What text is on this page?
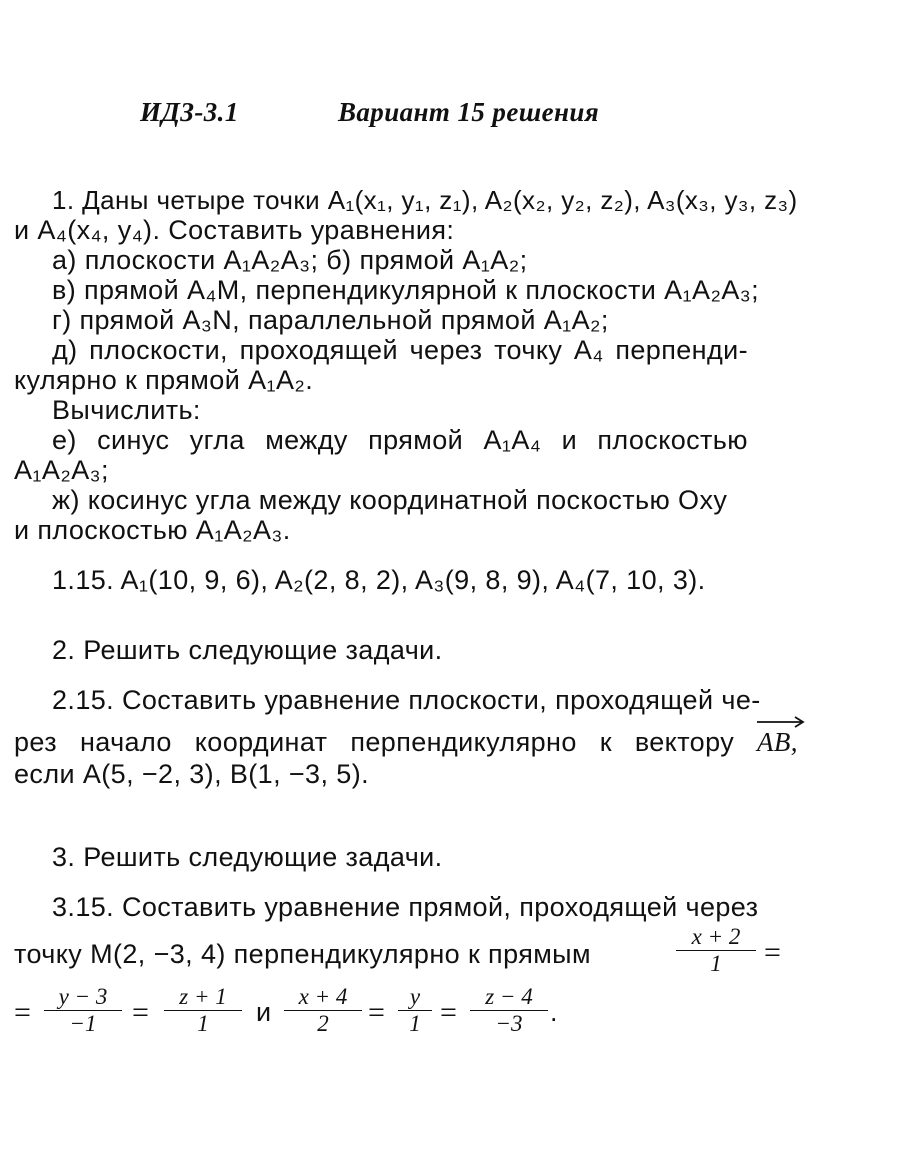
ИДЗ-3.1	Вариант 15 решения
1. Даны четыре точки A₁(x₁, y₁, z₁), A₂(x₂, y₂, z₂), A₃(x₃, y₃, z₃)
и A₄(x₄, y₄). Составить уравнения:
а) плоскости A₁A₂A₃; б) прямой A₁A₂;
в) прямой A₄M, перпендикулярной к плоскости A₁A₂A₃;
г) прямой A₃N, параллельной прямой A₁A₂;
д) плоскости, проходящей через точку A₄ перпенди-
кулярно к прямой A₁A₂.
Вычислить:
е) синус угла между прямой A₁A₄ и плоскостью
A₁A₂A₃;
ж) косинус угла между координатной поскостью Oxy
и плоскостью A₁A₂A₃.
1.15. A₁(10, 9, 6), A₂(2, 8, 2), A₃(9, 8, 9), A₄(7, 10, 3).
2. Решить следующие задачи.
2.15. Составить уравнение плоскости, проходящей че-
рез начало координат перпендикулярно к вектору AB,
если A(5, −2, 3), B(1, −3, 5).
3. Решить следующие задачи.
3.15. Составить уравнение прямой, проходящей через
точку M(2, −3, 4) перпендикулярно к прямым
x + 2
1	=
=	y − 3
−1	=	z + 1
1	и
x + 4
2	=	y
1 =	z − 4
−3	.
